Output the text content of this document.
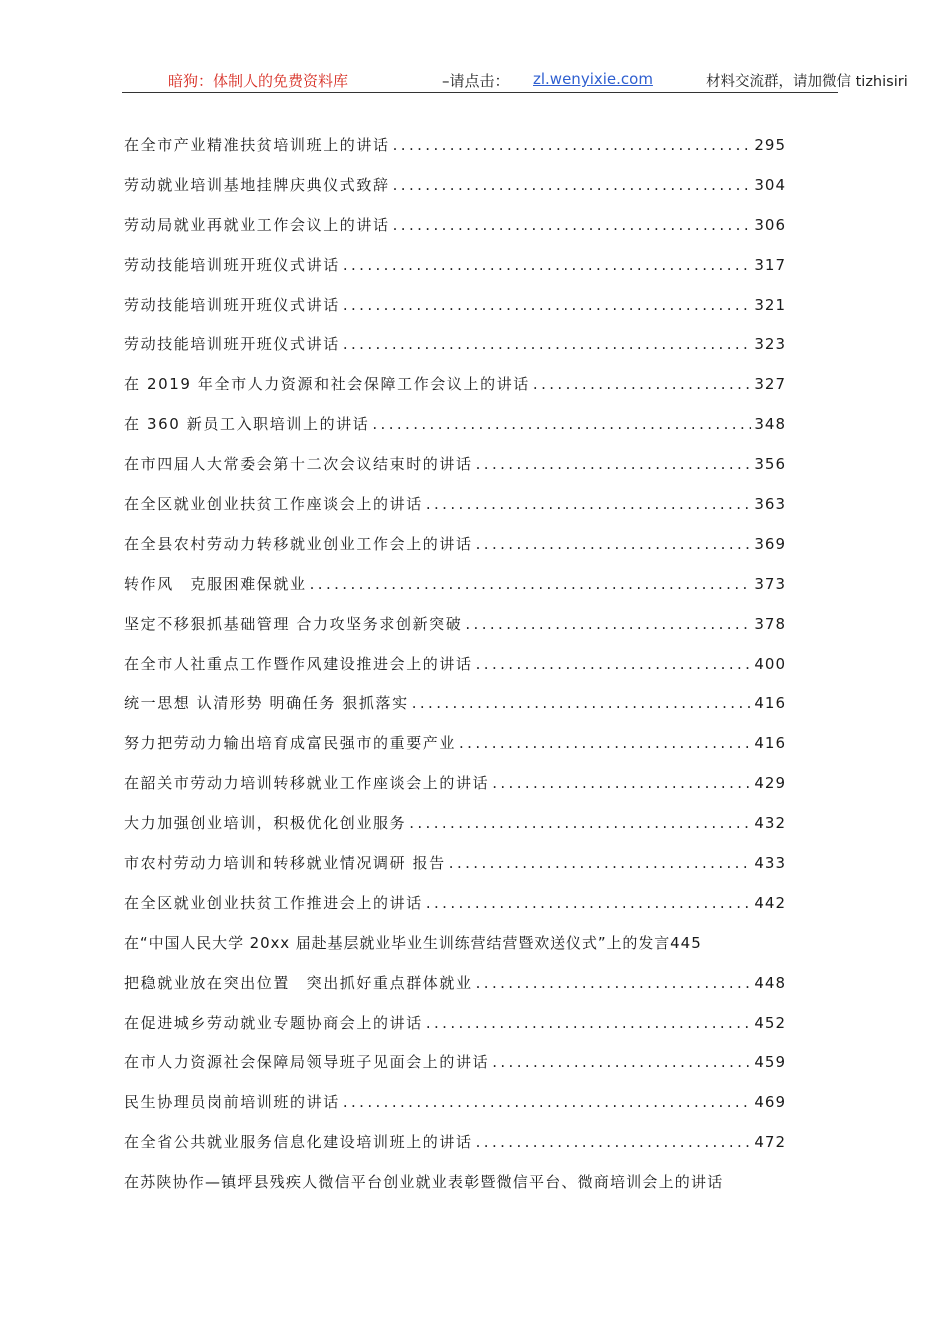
暗狗：体制人的免费资料库	–请点击： zl.wenyixie.com	材料交流群，请加微信 tizhisiri
在全市产业精准扶贫培训班上的讲话 .....	295
劳动就业培训基地挂牌庆典仪式致辞 .....	304
劳动局就业再就业工作会议上的讲话 .....	306
劳动技能培训班开班仪式讲话 .....	317
劳动技能培训班开班仪式讲话 .....	321
劳动技能培训班开班仪式讲话 .....	323
在 2019 年全市人力资源和社会保障工作会议上的讲话 .....	327
在 360 新员工入职培训上的讲话 .....	348
在市四届人大常委会第十二次会议结束时的讲话 .....	356
在全区就业创业扶贫工作座谈会上的讲话 .....	363
在全县农村劳动力转移就业创业工作会上的讲话 .....	369
转作风　克服困难保就业 .....	373
坚定不移狠抓基础管理 合力攻坚务求创新突破 .....	378
在全市人社重点工作暨作风建设推进会上的讲话 .....	400
统一思想 认清形势 明确任务 狠抓落实 .....	416
努力把劳动力输出培育成富民强市的重要产业 .....	416
在韶关市劳动力培训转移就业工作座谈会上的讲话 .....	429
大力加强创业培训，积极优化创业服务 .....	432
市农村劳动力培训和转移就业情况调研 报告 .....	433
在全区就业创业扶贫工作推进会上的讲话 .....	442
在“中国人民大学 20xx 届赴基层就业毕业生训练营结营暨欢送仪式”上的发言 445
把稳就业放在突出位置　突出抓好重点群体就业 .....	448
在促进城乡劳动就业专题协商会上的讲话 .....	452
在市人力资源社会保障局领导班子见面会上的讲话 .....	459
民生协理员岗前培训班的讲话 .....	469
在全省公共就业服务信息化建设培训班上的讲话 .....	472
在苏陕协作—镇坪县残疾人微信平台创业就业表彰暨微信平台、微商培训会上的讲话
